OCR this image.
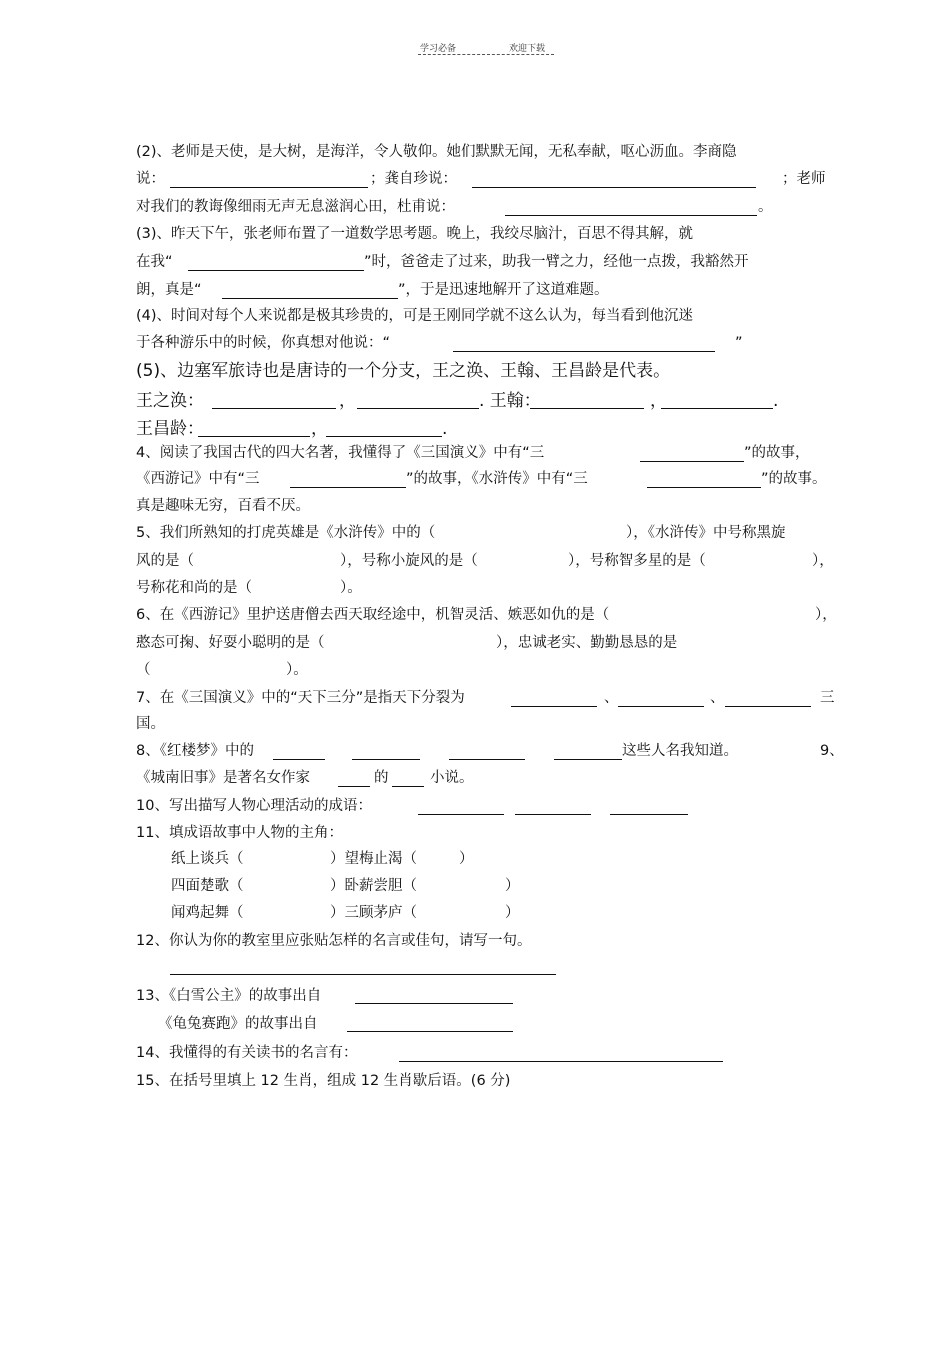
学习必备	欢迎下载
(2)、老师是天使，是大树，是海洋，令人敬仰。她们默默无闻，无私奉献，呕心沥血。李商隐
说：	；龚自珍说：	；老师
对我们的教诲像细雨无声无息滋润心田，杜甫说：	。
(3)、昨天下午，张老师布置了一道数学思考题。晚上，我绞尽脑汁，百思不得其解，就
在我“	”时，爸爸走了过来，助我一臂之力，经他一点拨，我豁然开
朗，真是“	”，于是迅速地解开了这道难题。
(4)、时间对每个人来说都是极其珍贵的，可是王刚同学就不这么认为，每当看到他沉迷
于各种游乐中的时候，你真想对他说：“	”
(5)、边塞军旅诗也是唐诗的一个分支，王之涣、王翰、王昌龄是代表。
王之涣：	，	. 王翰：	，	.
王昌龄：	，	.
4、阅读了我国古代的四大名著，我懂得了《三国演义》中有“三	”的故事，
《西游记》中有“三	”的故事，《水浒传》中有“三	”的故事。
真是趣味无穷，百看不厌。
5、我们所熟知的打虎英雄是《水浒传》中的（	），《水浒传》中号称黑旋
风的是（	），号称小旋风的是（	），号称智多星的是（	），
号称花和尚的是（	）。
6、在《西游记》里护送唐僧去西天取经途中，机智灵活、嫉恶如仇的是（	），
憨态可掬、好耍小聪明的是（	），忠诚老实、勤勤恳恳的是
（	）。
7、在《三国演义》中的“天下三分”是指天下分裂为	、	、	三
国。
8、《红楼梦》中的	这些人名我知道。	9、
《城南旧事》是著名女作家	的	小说。
10、写出描写人物心理活动的成语：
11、填成语故事中人物的主角：
纸上谈兵（	）望梅止渴（	）
四面楚歌（	）卧薪尝胆（	）
闻鸡起舞（	）三顾茅庐（	）
12、你认为你的教室里应张贴怎样的名言或佳句，请写一句。
13、《白雪公主》的故事出自
《龟兔赛跑》的故事出自
14、我懂得的有关读书的名言有：
15、在括号里填上 12 生肖，组成 12 生肖歇后语。(6 分)
